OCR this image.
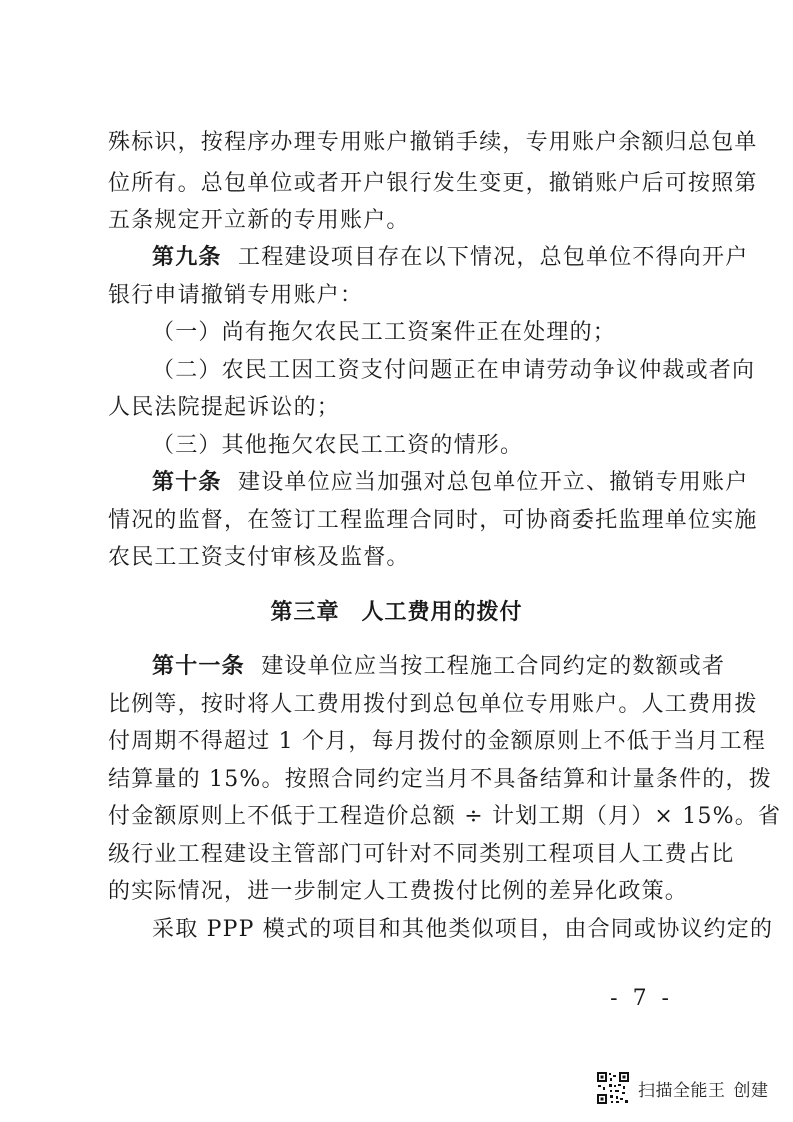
殊标识，按程序办理专用账户撤销手续，专用账户余额归总包单
位所有。总包单位或者开户银行发生变更，撤销账户后可按照第
五条规定开立新的专用账户。
第九条 工程建设项目存在以下情况，总包单位不得向开户
银行申请撤销专用账户：
（一）尚有拖欠农民工工资案件正在处理的；
（二）农民工因工资支付问题正在申请劳动争议仲裁或者向
人民法院提起诉讼的；
（三）其他拖欠农民工工资的情形。
第十条 建设单位应当加强对总包单位开立、撤销专用账户
情况的监督，在签订工程监理合同时，可协商委托监理单位实施
农民工工资支付审核及监督。
第三章 人工费用的拨付
第十一条 建设单位应当按工程施工合同约定的数额或者
比例等，按时将人工费用拨付到总包单位专用账户。人工费用拨
付周期不得超过 1 个月，每月拨付的金额原则上不低于当月工程
结算量的 15%。按照合同约定当月不具备结算和计量条件的，拨
付金额原则上不低于工程造价总额 ÷ 计划工期（月）× 15%。省
级行业工程建设主管部门可针对不同类别工程项目人工费占比
的实际情况，进一步制定人工费拨付比例的差异化政策。
采取 PPP 模式的项目和其他类似项目，由合同或协议约定的
- 7 -
扫描全能王 创建
